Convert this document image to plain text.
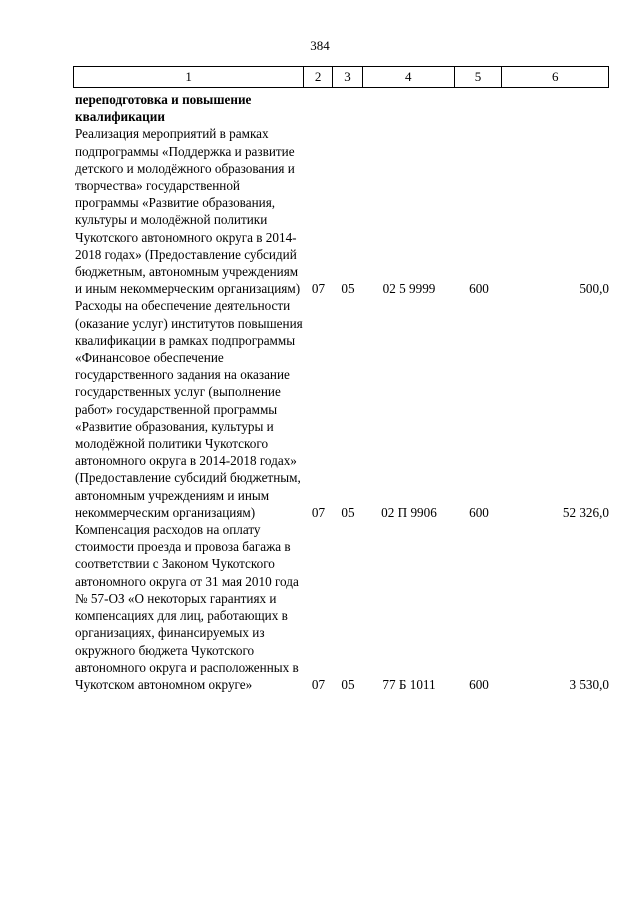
384
1	2	3	4	5	6
переподготовка и повышение квалификации
Реализация мероприятий в рамках подпрограммы «Поддержка и развитие детского и молодёжного образования и творчества» государственной программы «Развитие образования, культуры и молодёжной политики Чукотского автономного округа в 2014-2018 годах» (Предоставление субсидий бюджетным, автономным учреждениям и иным некоммерческим организациям) 07	05	02 5 9999	600	500,0
Расходы на обеспечение деятельности (оказание услуг) институтов повышения квалификации в рамках подпрограммы «Финансовое обеспечение государственного задания на оказание государственных услуг (выполнение работ» государственной программы «Развитие образования, культуры и молодёжной политики Чукотского автономного округа в 2014-2018 годах» (Предоставление субсидий бюджетным, автономным учреждениям и иным некоммерческим организациям)	07	05	02 П 9906	600	52 326,0
Компенсация расходов на оплату стоимости проезда и провоза багажа в соответствии с Законом Чукотского автономного округа от 31 мая 2010 года № 57-ОЗ «О некоторых гарантиях и компенсациях для лиц, работающих в организациях, финансируемых из окружного бюджета Чукотского автономного округа и расположенных в Чукотском автономном округе»	07	05	77 Б 1011	600	3 530,0
